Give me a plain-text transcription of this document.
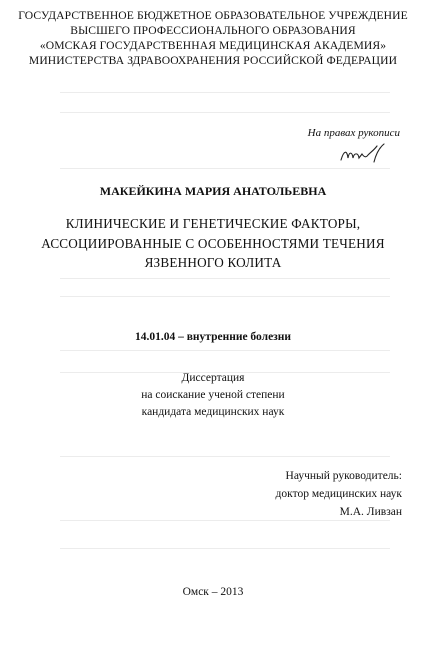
ГОСУДАРСТВЕННОЕ БЮДЖЕТНОЕ ОБРАЗОВАТЕЛЬНОЕ УЧРЕЖДЕНИЕ
ВЫСШЕГО ПРОФЕССИОНАЛЬНОГО ОБРАЗОВАНИЯ
«ОМСКАЯ ГОСУДАРСТВЕННАЯ МЕДИЦИНСКАЯ АКАДЕМИЯ»
МИНИСТЕРСТВА ЗДРАВООХРАНЕНИЯ РОССИЙСКОЙ ФЕДЕРАЦИИ
На правах рукописи
МАКЕЙКИНА МАРИЯ АНАТОЛЬЕВНА
КЛИНИЧЕСКИЕ И ГЕНЕТИЧЕСКИЕ ФАКТОРЫ,
АССОЦИИРОВАННЫЕ С ОСОБЕННОСТЯМИ ТЕЧЕНИЯ
ЯЗВЕННОГО КОЛИТА
14.01.04 – внутренние болезни
Диссертация
на соискание ученой степени
кандидата медицинских наук
Научный руководитель:
доктор медицинских наук
М.А. Ливзан
Омск – 2013
